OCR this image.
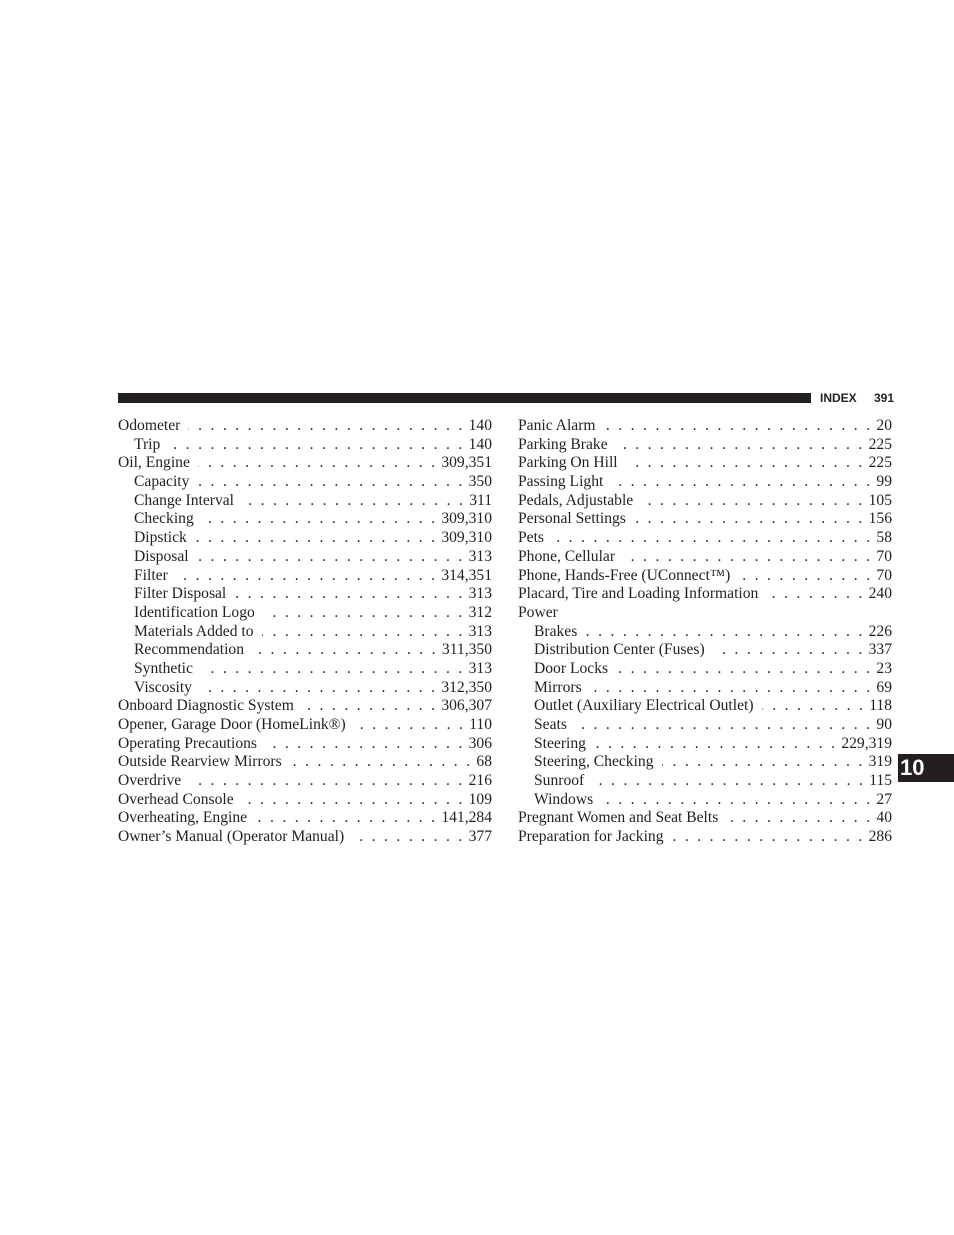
INDEX 391
Odometer . . .	140
Trip . . .	140
Oil, Engine . . .	309,351
Capacity . . .	350
Change Interval . . .	311
Checking . . .	309,310
Dipstick . . .	309,310
Disposal . . .	313
Filter . . .	314,351
Filter Disposal . . .	313
Identification Logo . . .	312
Materials Added to . . .	313
Recommendation . . .	311,350
Synthetic . . .	313
Viscosity . . .	312,350
Onboard Diagnostic System . . .	306,307
Opener, Garage Door (HomeLink®) . . .	110
Operating Precautions . . .	306
Outside Rearview Mirrors . . .	68
Overdrive . . .	216
Overhead Console . . .	109
Overheating, Engine . . .	141,284
Owner’s Manual (Operator Manual) . . .	377
Panic Alarm . . .	20
Parking Brake . . .	225
Parking On Hill . . .	225
Passing Light . . .	99
Pedals, Adjustable . . .	105
Personal Settings . . .	156
Pets . . .	58
Phone, Cellular . . .	70
Phone, Hands-Free (UConnect™) . . .	70
Placard, Tire and Loading Information . . .	240
Power
Brakes . . .	226
Distribution Center (Fuses) . . .	337
Door Locks . . .	23
Mirrors . . .	69
Outlet (Auxiliary Electrical Outlet) . . .	118
Seats . . .	90
Steering . . .	229,319
Steering, Checking . . .	319
Sunroof . . .	115
Windows . . .	27
Pregnant Women and Seat Belts . . .	40
Preparation for Jacking . . .	286
10
